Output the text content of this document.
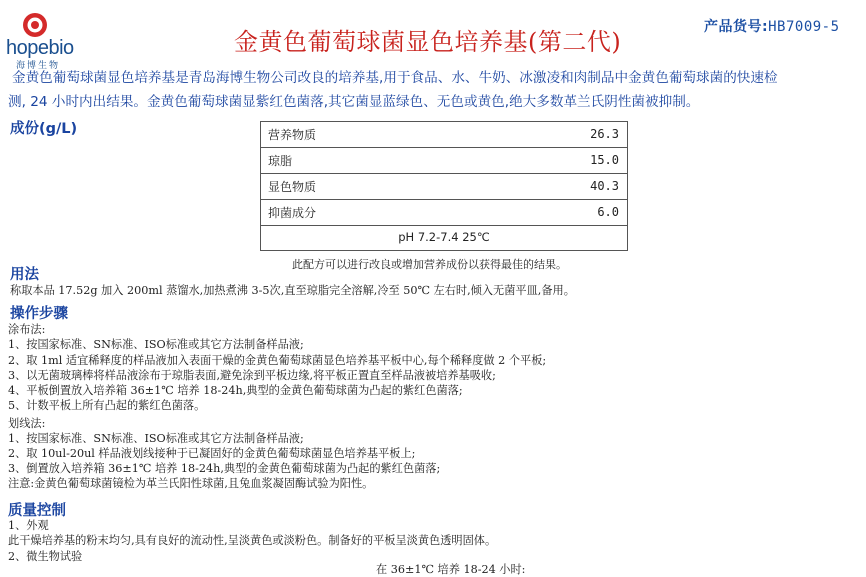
hopebio
海博生物
金黄色葡萄球菌显色培养基(第二代)
产品货号:HB7009-5
金黄色葡萄球菌显色培养基是青岛海博生物公司改良的培养基,用于食品、水、牛奶、冰激凌和肉制品中金黄色葡萄球菌的快速检
测, 24 小时内出结果。金黄色葡萄球菌显紫红色菌落,其它菌显蓝绿色、无色或黄色,绝大多数革兰氏阴性菌被抑制。
成份(g/L)	营养物质	26.3
琼脂	15.0
显色物质	40.3
抑菌成分	6.0
pH 7.2-7.4 25℃
此配方可以进行改良或增加营养成份以获得最佳的结果。
用法
称取本品 17.52g 加入 200ml 蒸馏水,加热煮沸 3-5次,直至琼脂完全溶解,冷至 50℃ 左右时,倾入无菌平皿,备用。
操作步骤
涂布法:
1、按国家标准、SN标准、ISO标准或其它方法制备样品液;
2、取 1ml 适宜稀释度的样品液加入表面干燥的金黄色葡萄球菌显色培养基平板中心,每个稀释度做 2 个平板;
3、以无菌玻璃棒将样品液涂布于琼脂表面,避免涂到平板边缘,将平板正置直至样品液被培养基吸收;
4、平板倒置放入培养箱 36±1℃ 培养 18-24h,典型的金黄色葡萄球菌为凸起的紫红色菌落;
5、计数平板上所有凸起的紫红色菌落。
划线法:
1、按国家标准、SN标准、ISO标准或其它方法制备样品液;
2、取 10ul-20ul 样品液划线接种于已凝固好的金黄色葡萄球菌显色培养基平板上;
3、倒置放入培养箱 36±1℃ 培养 18-24h,典型的金黄色葡萄球菌为凸起的紫红色菌落;
注意:金黄色葡萄球菌镜检为革兰氏阳性球菌,且兔血浆凝固酶试验为阳性。
质量控制
1、外观
此干燥培养基的粉末均匀,具有良好的流动性,呈淡黄色或淡粉色。制备好的平板呈淡黄色透明固体。
2、微生物试验
在 36±1℃ 培养 18-24 小时:
